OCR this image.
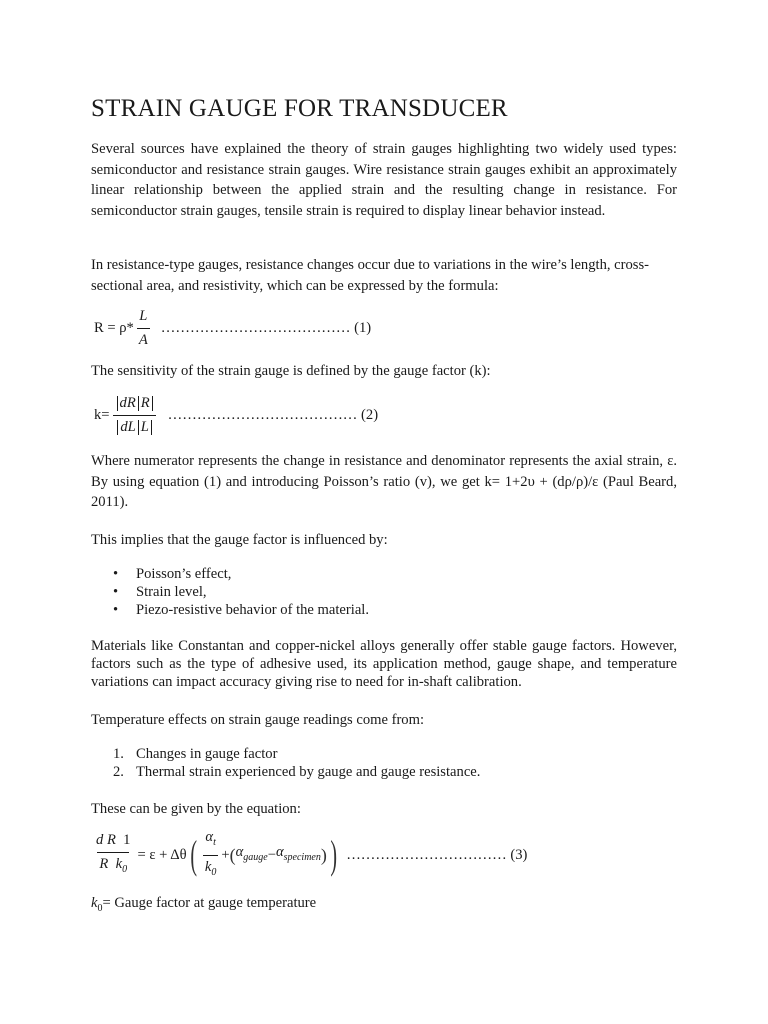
STRAIN GAUGE FOR TRANSDUCER

Several sources have explained the theory of strain gauges highlighting two widely used types: semiconductor and resistance strain gauges. Wire resistance strain gauges exhibit an approximately linear relationship between the applied strain and the resulting change in resistance. For semiconductor strain gauges, tensile strain is required to display linear behavior instead.

In resistance-type gauges, resistance changes occur due to variations in the wire’s length, cross-sectional area, and resistivity, which can be expressed by the formula:

$R = \rho* \frac{L}{A}$ ………………………………… (1)

The sensitivity of the strain gauge is defined by the gauge factor (k):

$k= \frac{\text{dR R}}{\text{dL L}}$ ………………………………… (2)

Where numerator represents the change in resistance and denominator represents the axial strain, ε. By using equation (1) and introducing Poisson’s ratio (v), we get k= 1+2υ + (dρ/ρ)/ε (Paul Beard, 2011).

This implies that the gauge factor is influenced by:

• Poisson’s effect,
• Strain level,
• Piezo-resistive behavior of the material.

Materials like Constantan and copper-nickel alloys generally offer stable gauge factors. However, factors such as the type of adhesive used, its application method, gauge shape, and temperature variations can impact accuracy giving rise to need for in-shaft calibration.

Temperature effects on strain gauge readings come from:

1. Changes in gauge factor
2. Thermal strain experienced by gauge and gauge resistance.

These can be given by the equation:

$\frac{\text{d R 1}}{R k_0} = \varepsilon + \Delta\theta$ ( $\frac{\alpha_t}{k_0}$ + ( $\alpha_{gauge} - \alpha_{specimen}$ ) ) …………………………… (3)
$k_0=$ Gauge factor at gauge temperature
